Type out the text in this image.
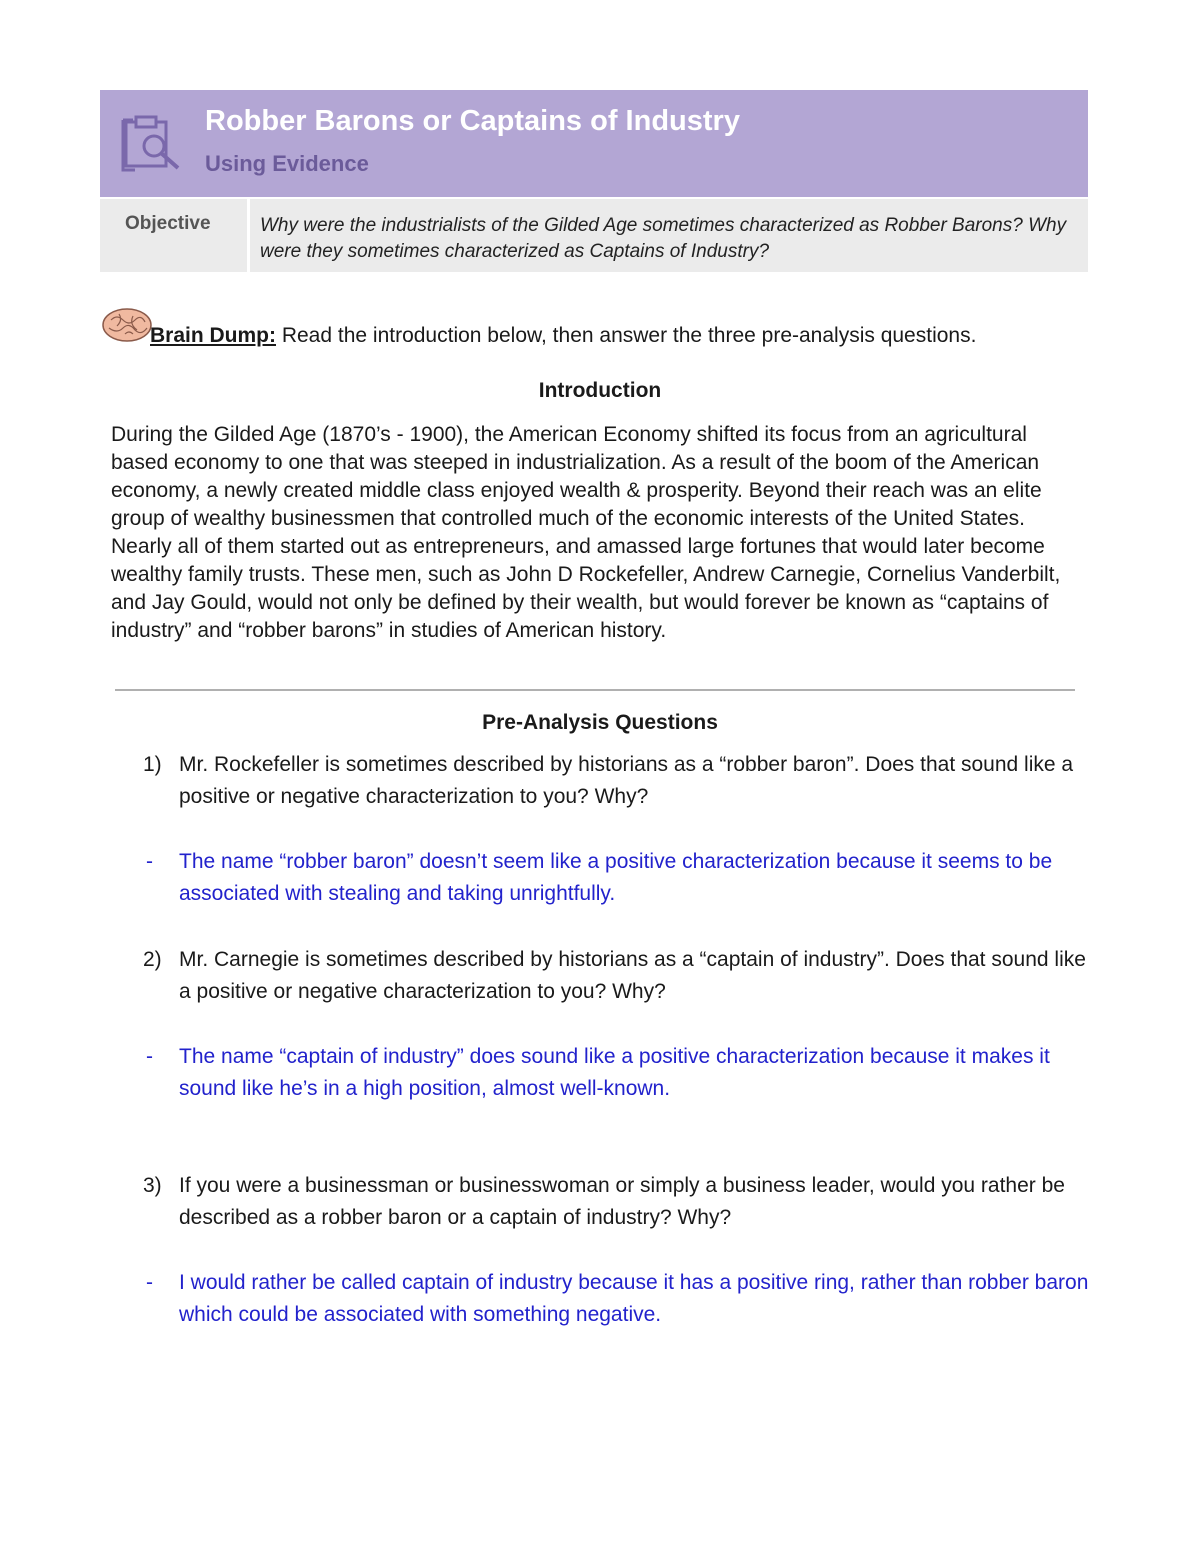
Robber Barons or Captains of Industry
Using Evidence
Objective	Why were the industrialists of the Gilded Age sometimes characterized as Robber Barons? Why were they sometimes characterized as Captains of Industry?
Brain Dump: Read the introduction below, then answer the three pre-analysis questions.
Introduction
During the Gilded Age (1870’s - 1900), the American Economy shifted its focus from an agricultural based economy to one that was steeped in industrialization. As a result of the boom of the American economy, a newly created middle class enjoyed wealth & prosperity. Beyond their reach was an elite group of wealthy businessmen that controlled much of the economic interests of the United States. Nearly all of them started out as entrepreneurs, and amassed large fortunes that would later become wealthy family trusts. These men, such as John D Rockefeller, Andrew Carnegie, Cornelius Vanderbilt, and Jay Gould, would not only be defined by their wealth, but would forever be known as “captains of industry” and “robber barons” in studies of American history.
Pre-Analysis Questions
1) Mr. Rockefeller is sometimes described by historians as a “robber baron”. Does that sound like a positive or negative characterization to you? Why?
- The name “robber baron” doesn’t seem like a positive characterization because it seems to be associated with stealing and taking unrightfully.
2) Mr. Carnegie is sometimes described by historians as a “captain of industry”. Does that sound like a positive or negative characterization to you? Why?
- The name “captain of industry” does sound like a positive characterization because it makes it sound like he’s in a high position, almost well-known.
3) If you were a businessman or businesswoman or simply a business leader, would you rather be described as a robber baron or a captain of industry? Why?
- I would rather be called captain of industry because it has a positive ring, rather than robber baron which could be associated with something negative.
